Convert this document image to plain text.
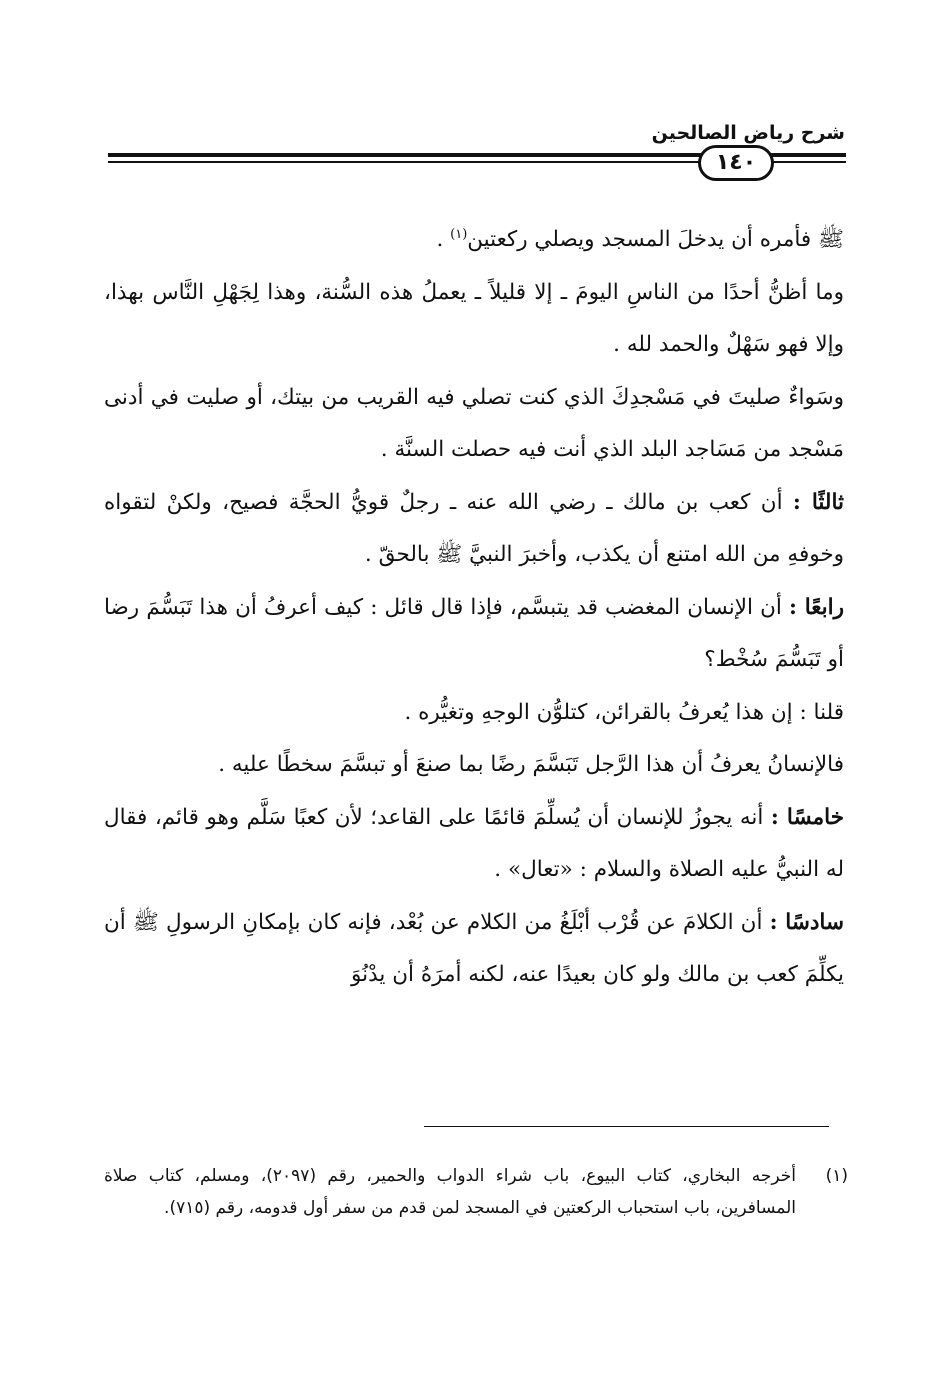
شرح رياض الصالحين
١٤٠

ﷺ فأمره أن يدخلَ المسجد ويصلي ركعتين$^{(١)}$ .

وما أظنُّ أحدًا من الناسِ اليومَ ـ إلا قليلاً ـ يعملُ هذه السُّنة، وهذا لِجَهْلِ النَّاس بهذا، وإلا فهو سَهْلٌ والحمد لله .

وسَواءٌ صليتَ في مَسْجدِكَ الذي كنت تصلي فيه القريب من بيتك، أو صليت في أدنى مَسْجد من مَسَاجد البلد الذي أنت فيه حصلت السنَّة .

ثالثًا : أن كعب بن مالك ـ رضي الله عنه ـ رجلٌ قويُّ الحجَّة فصيح، ولكنْ لتقواه وخوفهِ من الله امتنع أن يكذب، وأخبرَ النبيَّ ﷺ بالحقّ .

رابعًا : أن الإنسان المغضب قد يتبسَّم، فإذا قال قائل : كيف أعرفُ أن هذا تَبَسُّمَ رضا أو تَبَسُّمَ سُخْط؟

قلنا : إن هذا يُعرفُ بالقرائن، كتلوُّن الوجهِ وتغيُّره .

فالإنسانُ يعرفُ أن هذا الرَّجل تَبَسَّمَ رضًا بما صنعَ أو تبسَّمَ سخطًا عليه .

خامسًا : أنه يجوزُ للإنسان أن يُسلِّمَ قائمًا على القاعد؛ لأن كعبًا سَلَّم وهو قائم، فقال له النبيُّ عليه الصلاة والسلام : «تعال» .

سادسًا : أن الكلامَ عن قُرْب أبْلَغُ من الكلام عن بُعْد، فإنه كان بإمكانِ الرسولِ ﷺ أن يكلِّمَ كعب بن مالك ولو كان بعيدًا عنه، لكنه أمرَهُ أن يدْنُوَ

(١)
أخرجه البخاري، كتاب البيوع، باب شراء الدواب والحمير، رقم (٢٠٩٧)، ومسلم، كتاب صلاة المسافرين، باب استحباب الركعتين في المسجد لمن قدم من سفر أول قدومه، رقم (٧١٥).
